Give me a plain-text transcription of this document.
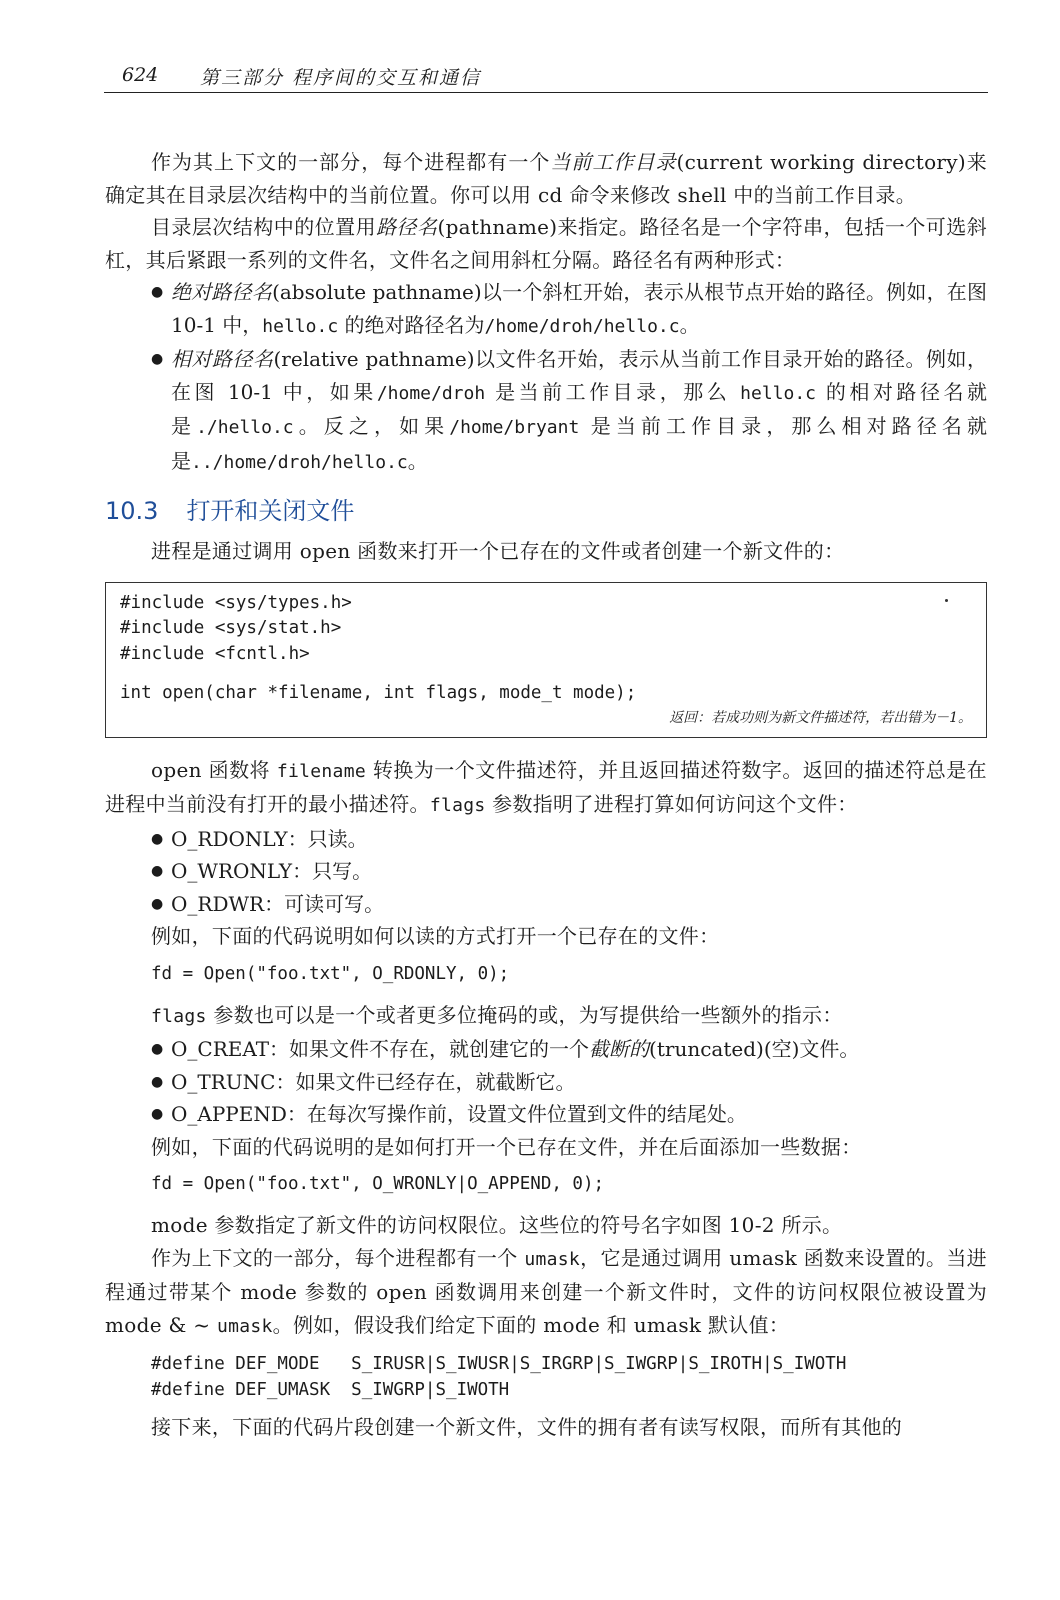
624 第三部分 程序间的交互和通信

作为其上下文的一部分，每个进程都有一个当前工作目录(current working directory)来确定其在目录层次结构中的当前位置。你可以用 cd 命令来修改 shell 中的当前工作目录。

目录层次结构中的位置用路径名(pathname)来指定。路径名是一个字符串，包括一个可选斜杠，其后紧跟一系列的文件名，文件名之间用斜杠分隔。路径名有两种形式：

● 绝对路径名(absolute pathname)以一个斜杠开始，表示从根节点开始的路径。例如，在图 10-1 中，hello.c 的绝对路径名为/home/droh/hello.c。
● 相对路径名(relative pathname)以文件名开始，表示从当前工作目录开始的路径。例如，在图 10-1 中，如果/home/droh 是当前工作目录，那么 hello.c 的相对路径名就是./hello.c。反之，如果/home/bryant 是当前工作目录，那么相对路径名就是../home/droh/hello.c。
10.3 打开和关闭文件

进程是通过调用 open 函数来打开一个已存在的文件或者创建一个新文件的：

#include <sys/types.h>
#include <sys/stat.h>
#include <fcntl.h>
int open(char *filename, int flags, mode_t mode);
返回：若成功则为新文件描述符，若出错为－1。

open 函数将 filename 转换为一个文件描述符，并且返回描述符数字。返回的描述符总是在进程中当前没有打开的最小描述符。flags 参数指明了进程打算如何访问这个文件：

● O_RDONLY：只读。
● O_WRONLY：只写。
● O_RDWR：可读可写。

例如，下面的代码说明如何以读的方式打开一个已存在的文件：

fd = Open("foo.txt", O_RDONLY, 0);

flags 参数也可以是一个或者更多位掩码的或，为写提供给一些额外的指示：

● O_CREAT：如果文件不存在，就创建它的一个截断的(truncated)(空)文件。
● O_TRUNC：如果文件已经存在，就截断它。
● O_APPEND：在每次写操作前，设置文件位置到文件的结尾处。

例如，下面的代码说明的是如何打开一个已存在文件，并在后面添加一些数据：

fd = Open("foo.txt", O_WRONLY|O_APPEND, 0);

mode 参数指定了新文件的访问权限位。这些位的符号名字如图 10-2 所示。

作为上下文的一部分，每个进程都有一个 umask，它是通过调用 umask 函数来设置的。当进程通过带某个 mode 参数的 open 函数调用来创建一个新文件时，文件的访问权限位被设置为 mode & ~ umask。例如，假设我们给定下面的 mode 和 umask 默认值：

#define DEF_MODE   S_IRUSR|S_IWUSR|S_IRGRP|S_IWGRP|S_IROTH|S_IWOTH
#define DEF_UMASK  S_IWGRP|S_IWOTH

接下来，下面的代码片段创建一个新文件，文件的拥有者有读写权限，而所有其他的
